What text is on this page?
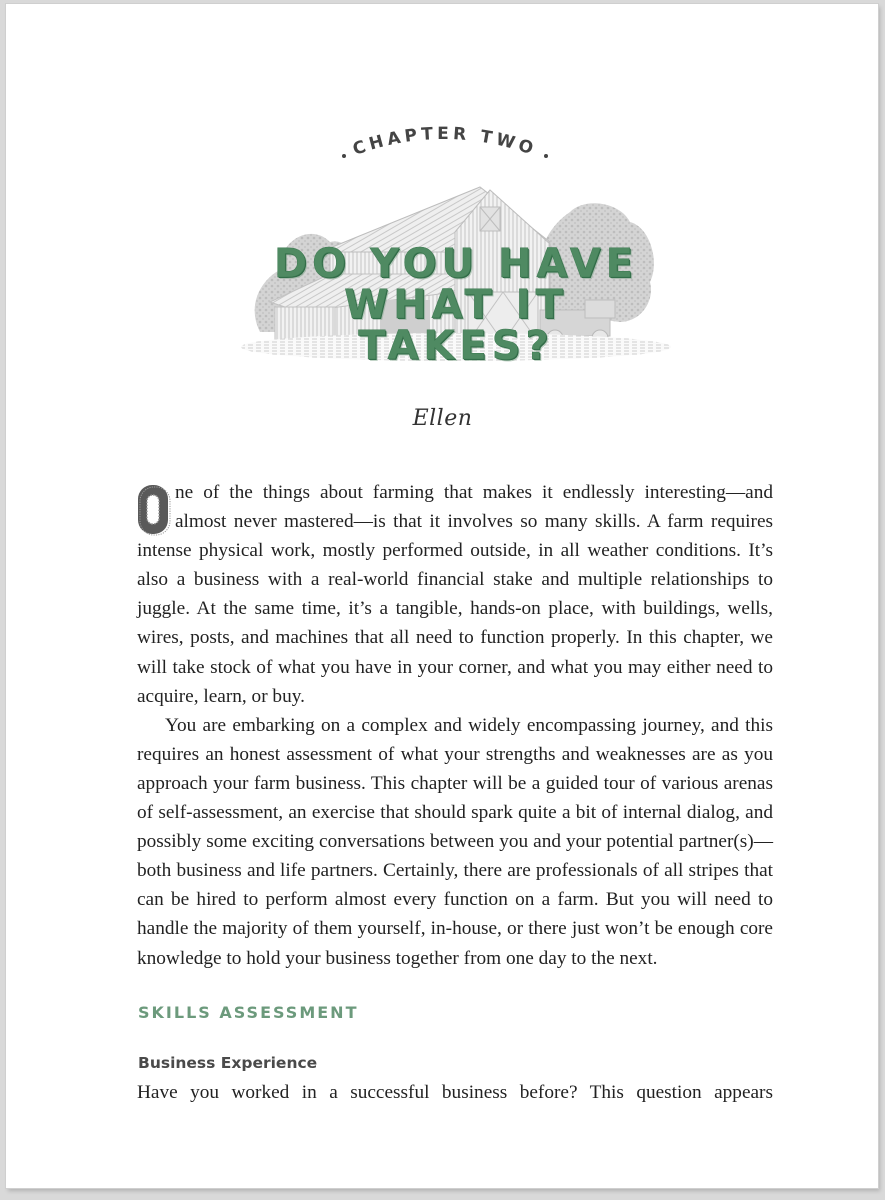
CHAPTER TWO
DO YOU HAVE
WHAT IT TAKES?
Ellen

ne of the things about farming that makes it endlessly interesting—and almost never mastered—is that it involves so many skills. A farm requires intense physical work, mostly performed outside, in all weather conditions. It’s also a business with a real-world financial stake and multiple relationships to juggle. At the same time, it’s a tangible, hands-on place, with buildings, wells, wires, posts, and machines that all need to function properly. In this chapter, we will take stock of what you have in your corner, and what you may either need to acquire, learn, or buy.

You are embarking on a complex and widely encompassing journey, and this requires an honest assessment of what your strengths and weaknesses are as you approach your farm business. This chapter will be a guided tour of various arenas of self-assessment, an exercise that should spark quite a bit of internal dialog, and possibly some exciting conversations between you and your potential partner(s)—both business and life partners. Certainly, there are professionals of all stripes that can be hired to perform almost every function on a farm. But you will need to handle the majority of them yourself, in-house, or there just won’t be enough core knowledge to hold your business together from one day to the next.

SKILLS ASSESSMENT
Business Experience
Have you worked in a successful business before? This question appears
